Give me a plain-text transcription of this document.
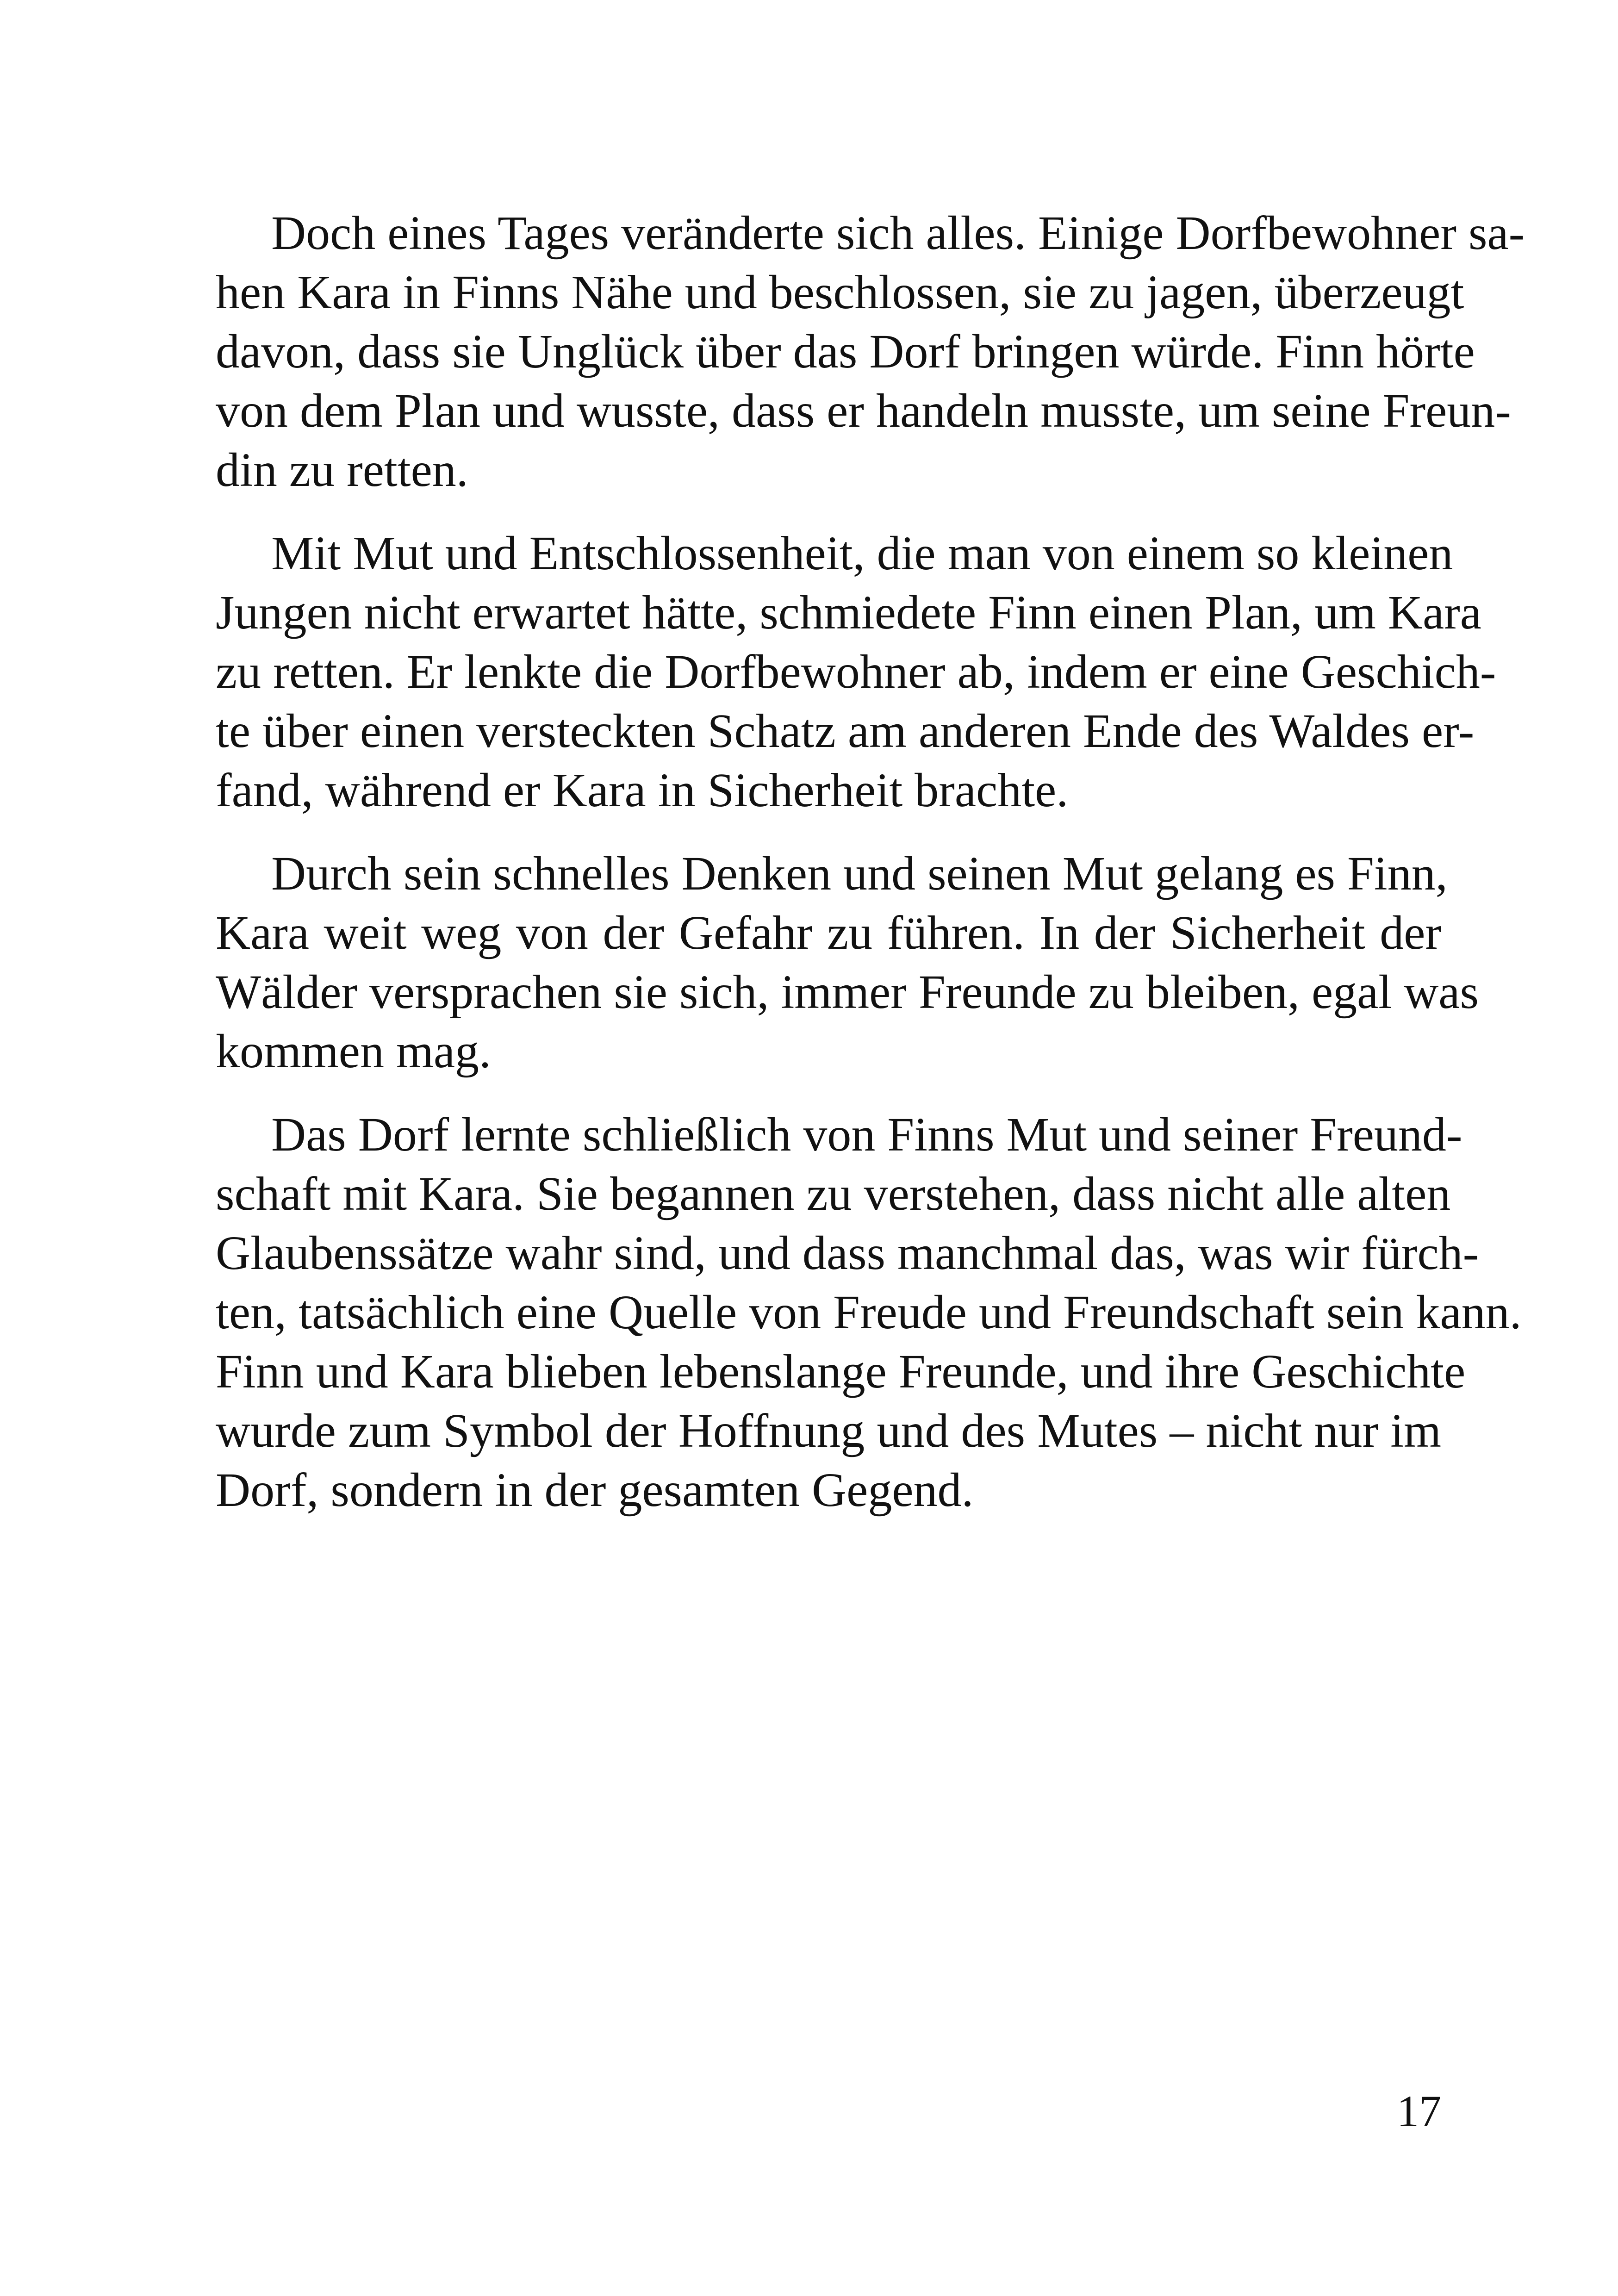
Doch eines Tages veränderte sich alles. Einige Dorfbewohner sa-
hen Kara in Finns Nähe und beschlossen, sie zu jagen, überzeugt
davon, dass sie Unglück über das Dorf bringen würde. Finn hörte
von dem Plan und wusste, dass er handeln musste, um seine Freun-
din zu retten.
Mit Mut und Entschlossenheit, die man von einem so kleinen
Jungen nicht erwartet hätte, schmiedete Finn einen Plan, um Kara
zu retten. Er lenkte die Dorfbewohner ab, indem er eine Geschich-
te über einen versteckten Schatz am anderen Ende des Waldes er-
fand, während er Kara in Sicherheit brachte.
Durch sein schnelles Denken und seinen Mut gelang es Finn,
Kara weit weg von der Gefahr zu führen. In der Sicherheit der
Wälder versprachen sie sich, immer Freunde zu bleiben, egal was
kommen mag.
Das Dorf lernte schließlich von Finns Mut und seiner Freund-
schaft mit Kara. Sie begannen zu verstehen, dass nicht alle alten
Glaubenssätze wahr sind, und dass manchmal das, was wir fürch-
ten, tatsächlich eine Quelle von Freude und Freundschaft sein kann.
Finn und Kara blieben lebenslange Freunde, und ihre Geschichte
wurde zum Symbol der Hoffnung und des Mutes – nicht nur im
Dorf, sondern in der gesamten Gegend.
17
